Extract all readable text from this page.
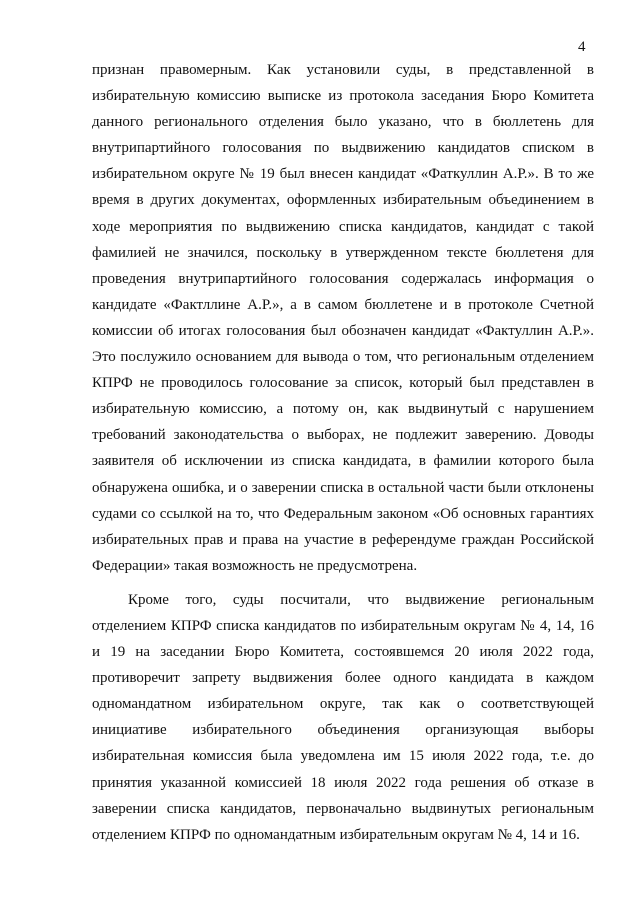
4
признан правомерным. Как установили суды, в представленной в
избирательную комиссию выписке из протокола заседания Бюро Комитета
данного регионального отделения было указано, что в бюллетень для
внутрипартийного голосования по выдвижению кандидатов списком в
избирательном округе № 19 был внесен кандидат «Фаткуллин А.Р.». В то же
время в других документах, оформленных избирательным объединением в
ходе мероприятия по выдвижению списка кандидатов, кандидат с такой
фамилией не значился, поскольку в утвержденном тексте бюллетеня для
проведения внутрипартийного голосования содержалась информация о
кандидате «Фактллине А.Р.», а в самом бюллетене и в протоколе Счетной
комиссии об итогах голосования был обозначен кандидат «Фактуллин А.Р.».
Это послужило основанием для вывода о том, что региональным отделением
КПРФ не проводилось голосование за список, который был представлен в
избирательную комиссию, а потому он, как выдвинутый с нарушением
требований законодательства о выборах, не подлежит заверению. Доводы
заявителя об исключении из списка кандидата, в фамилии которого была
обнаружена ошибка, и о заверении списка в остальной части были отклонены
судами со ссылкой на то, что Федеральным законом «Об основных гарантиях
избирательных прав и права на участие в референдуме граждан Российской
Федерации» такая возможность не предусмотрена.
Кроме того, суды посчитали, что выдвижение региональным
отделением КПРФ списка кандидатов по избирательным округам № 4, 14, 16
и 19 на заседании Бюро Комитета, состоявшемся 20 июля 2022 года,
противоречит запрету выдвижения более одного кандидата в каждом
одномандатном избирательном округе, так как о соответствующей
инициативе избирательного объединения организующая выборы
избирательная комиссия была уведомлена им 15 июля 2022 года, т.е. до
принятия указанной комиссией 18 июля 2022 года решения об отказе в
заверении списка кандидатов, первоначально выдвинутых региональным
отделением КПРФ по одномандатным избирательным округам № 4, 14 и 16.
